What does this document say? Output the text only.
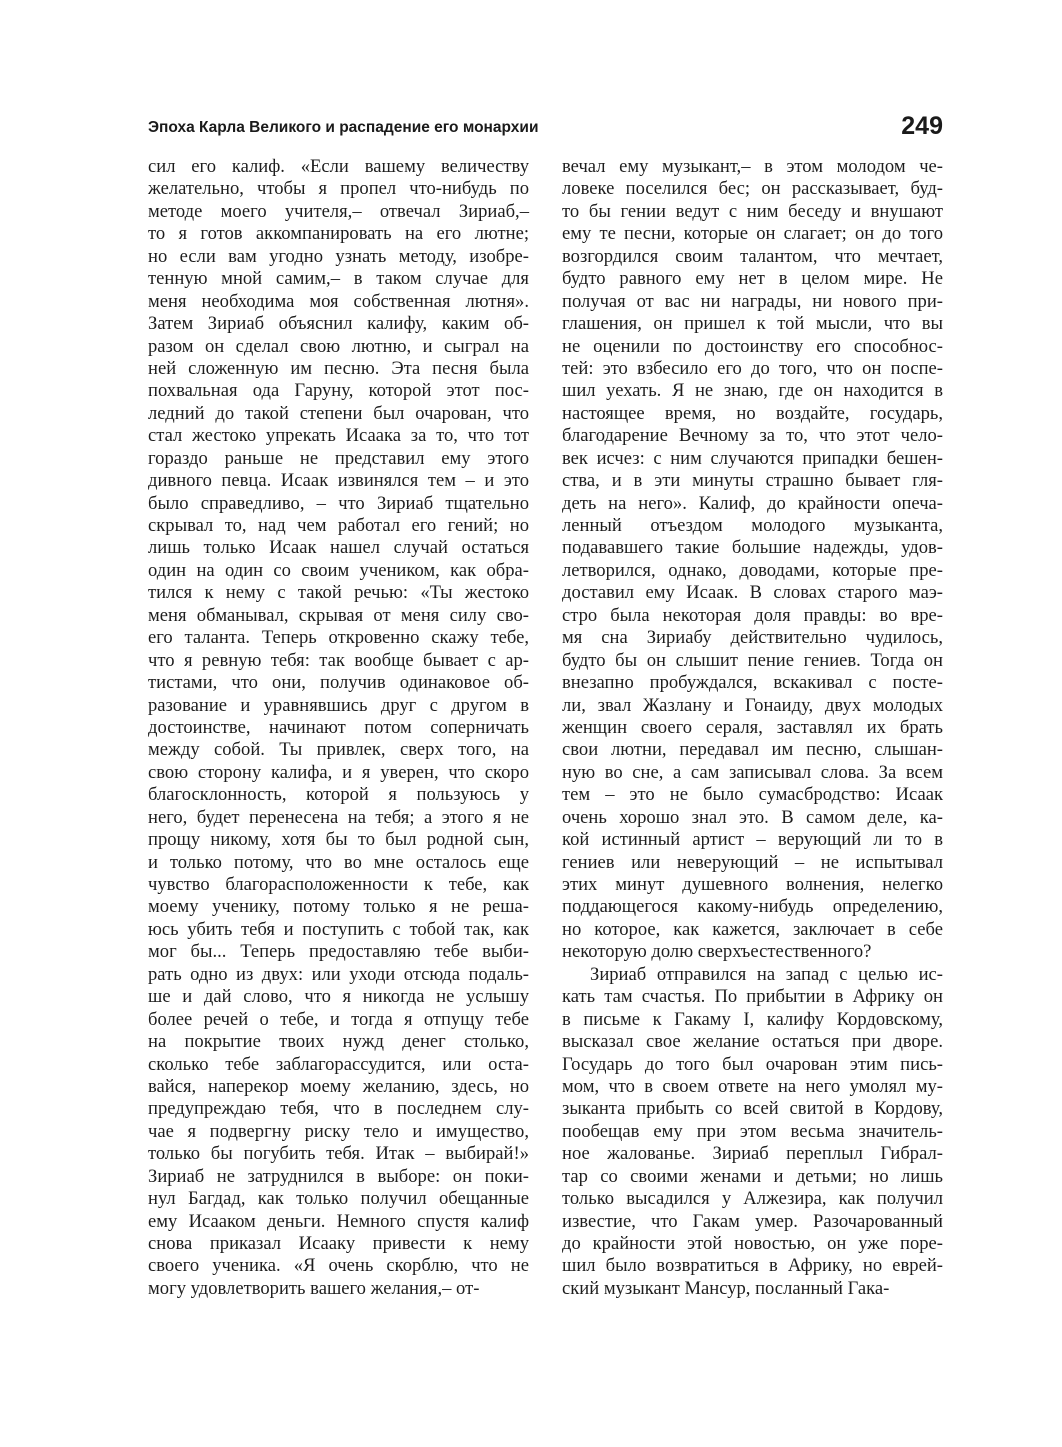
Эпоха Карла Великого и распадение его монархии	249
сил его калиф. «Если вашему величеству
желательно, чтобы я пропел что-нибудь по
методе моего учителя,– отвечал Зириаб,–
то я готов аккомпанировать на его лютне;
но если вам угодно узнать методу, изобре-
тенную мной самим,– в таком случае для
меня необходима моя собственная лютня».
Затем Зириаб объяснил калифу, каким об-
разом он сделал свою лютню, и сыграл на
ней сложенную им песню. Эта песня была
похвальная ода Гаруну, которой этот пос-
ледний до такой степени был очарован, что
стал жестоко упрекать Исаака за то, что тот
гораздо раньше не представил ему этого
дивного певца. Исаак извинялся тем – и это
было справедливо, – что Зириаб тщательно
скрывал то, над чем работал его гений; но
лишь только Исаак нашел случай остаться
один на один со своим учеником, как обра-
тился к нему с такой речью: «Ты жестоко
меня обманывал, скрывая от меня силу сво-
его таланта. Теперь откровенно скажу тебе,
что я ревную тебя: так вообще бывает с ар-
тистами, что они, получив одинаковое об-
разование и уравнявшись друг с другом в
достоинстве, начинают потом соперничать
между собой. Ты привлек, сверх того, на
свою сторону калифа, и я уверен, что скоро
благосклонность, которой я пользуюсь у
него, будет перенесена на тебя; а этого я не
прощу никому, хотя бы то был родной сын,
и только потому, что во мне осталось еще
чувство благорасположенности к тебе, как
моему ученику, потому только я не реша-
юсь убить тебя и поступить с тобой так, как
мог бы... Теперь предоставляю тебе выби-
рать одно из двух: или уходи отсюда подаль-
ше и дай слово, что я никогда не услышу
более речей о тебе, и тогда я отпущу тебе
на покрытие твоих нужд денег столько,
сколько тебе заблагорассудится, или оста-
вайся, наперекор моему желанию, здесь, но
предупреждаю тебя, что в последнем слу-
чае я подвергну риску тело и имущество,
только бы погубить тебя. Итак – выбирай!»
Зириаб не затруднился в выборе: он поки-
нул Багдад, как только получил обещанные
ему Исааком деньги. Немного спустя калиф
снова приказал Исааку привести к нему
своего ученика. «Я очень скорблю, что не
могу удовлетворить вашего желания,– от-
вечал ему музыкант,– в этом молодом че-
ловеке поселился бес; он рассказывает, буд-
то бы гении ведут с ним беседу и внушают
ему те песни, которые он слагает; он до того
возгордился своим талантом, что мечтает,
будто равного ему нет в целом мире. Не
получая от вас ни награды, ни нового при-
глашения, он пришел к той мысли, что вы
не оценили по достоинству его способнос-
тей: это взбесило его до того, что он поспе-
шил уехать. Я не знаю, где он находится в
настоящее время, но воздайте, государь,
благодарение Вечному за то, что этот чело-
век исчез: с ним случаются припадки бешен-
ства, и в эти минуты страшно бывает гля-
деть на него». Калиф, до крайности опеча-
ленный отъездом молодого музыканта,
подававшего такие большие надежды, удов-
летворился, однако, доводами, которые пре-
доставил ему Исаак. В словах старого маэ-
стро была некоторая доля правды: во вре-
мя сна Зириабу действительно чудилось,
будто бы он слышит пение гениев. Тогда он
внезапно пробуждался, вскакивал с посте-
ли, звал Жазлану и Гонаиду, двух молодых
женщин своего сераля, заставлял их брать
свои лютни, передавал им песню, слышан-
ную во сне, а сам записывал слова. За всем
тем – это не было сумасбродство: Исаак
очень хорошо знал это. В самом деле, ка-
кой истинный артист – верующий ли то в
гениев или неверующий – не испытывал
этих минут душевного волнения, нелегко
поддающегося какому-нибудь определению,
но которое, как кажется, заключает в себе
некоторую долю сверхъестественного?
Зириаб отправился на запад с целью ис-
кать там счастья. По прибытии в Африку он
в письме к Гакаму I, калифу Кордовскому,
высказал свое желание остаться при дворе.
Государь до того был очарован этим пись-
мом, что в своем ответе на него умолял му-
зыканта прибыть со всей свитой в Кордову,
пообещав ему при этом весьма значитель-
ное жалованье. Зириаб переплыл Гибрал-
тар со своими женами и детьми; но лишь
только высадился у Алжезира, как получил
известие, что Гакам умер. Разочарованный
до крайности этой новостью, он уже поре-
шил было возвратиться в Африку, но еврей-
ский музыкант Мансур, посланный Гака-
